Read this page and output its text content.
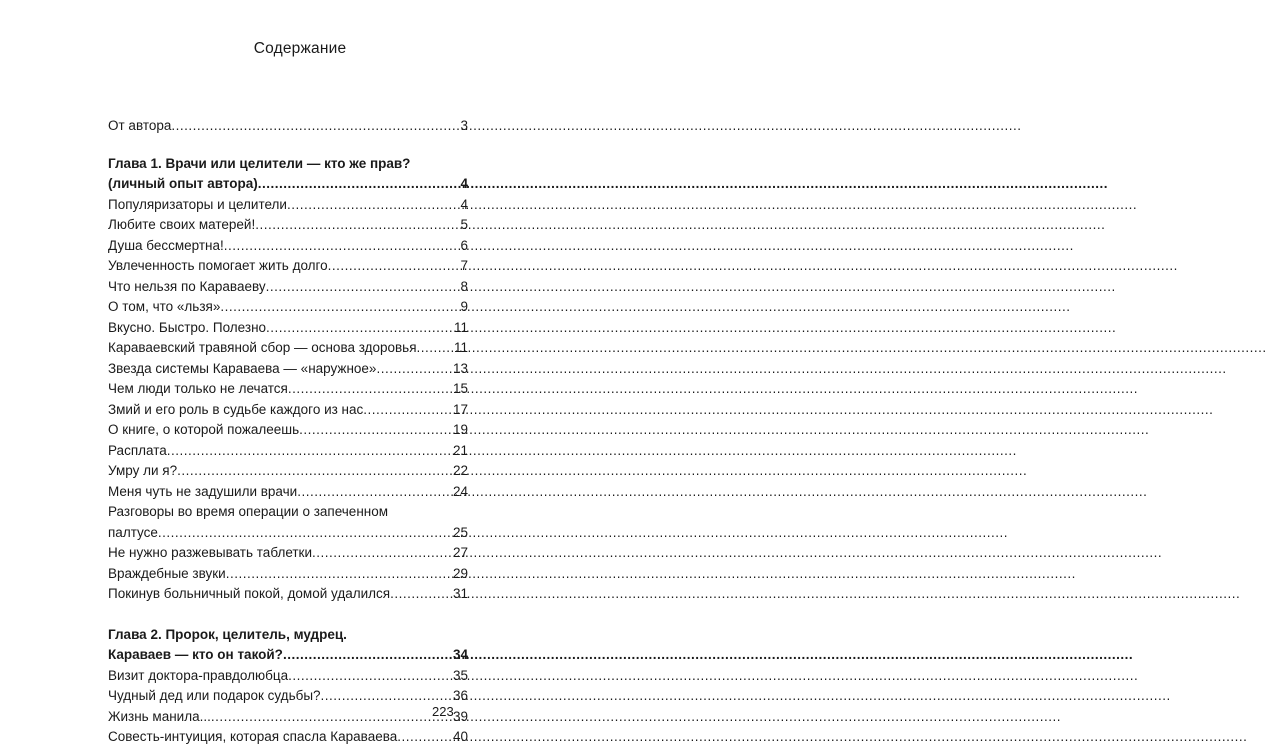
Содержание
От автора .....	3
Глава 1. Врачи или целители — кто же прав?
(личный опыт автора) .....	4
Популяризаторы и целители .....	4
Любите своих матерей! .....	5
Душа бессмертна! .....	6
Увлеченность помогает жить долго .....	7
Что нельзя по Караваеву .....	8
О том, что «льзя» .....	9
Вкусно. Быстро. Полезно .....	11
Караваевский травяной сбор — основа здоровья .....	11
Звезда системы Караваева — «наружное» .....	13
Чем люди только не лечатся .....	15
Змий и его роль в судьбе каждого из нас .....	17
О книге, о которой пожалеешь .....	19
Расплата .....	21
Умру ли я? .....	22
Меня чуть не задушили врачи .....	24
Разговоры во время операции о запеченном
палтусе .....	25
Не нужно разжевывать таблетки .....	27
Враждебные звуки .....	29
Покинув больничный покой, домой удалился .....	31
Глава 2. Пророк, целитель, мудрец.
Караваев — кто он такой? .....	34
Визит доктора-правдолюбца .....	35
Чудный дед или подарок судьбы? .....	36
Жизнь манила... .....	39
Совесть-интуиция, которая спасла Караваева .....	40
223
